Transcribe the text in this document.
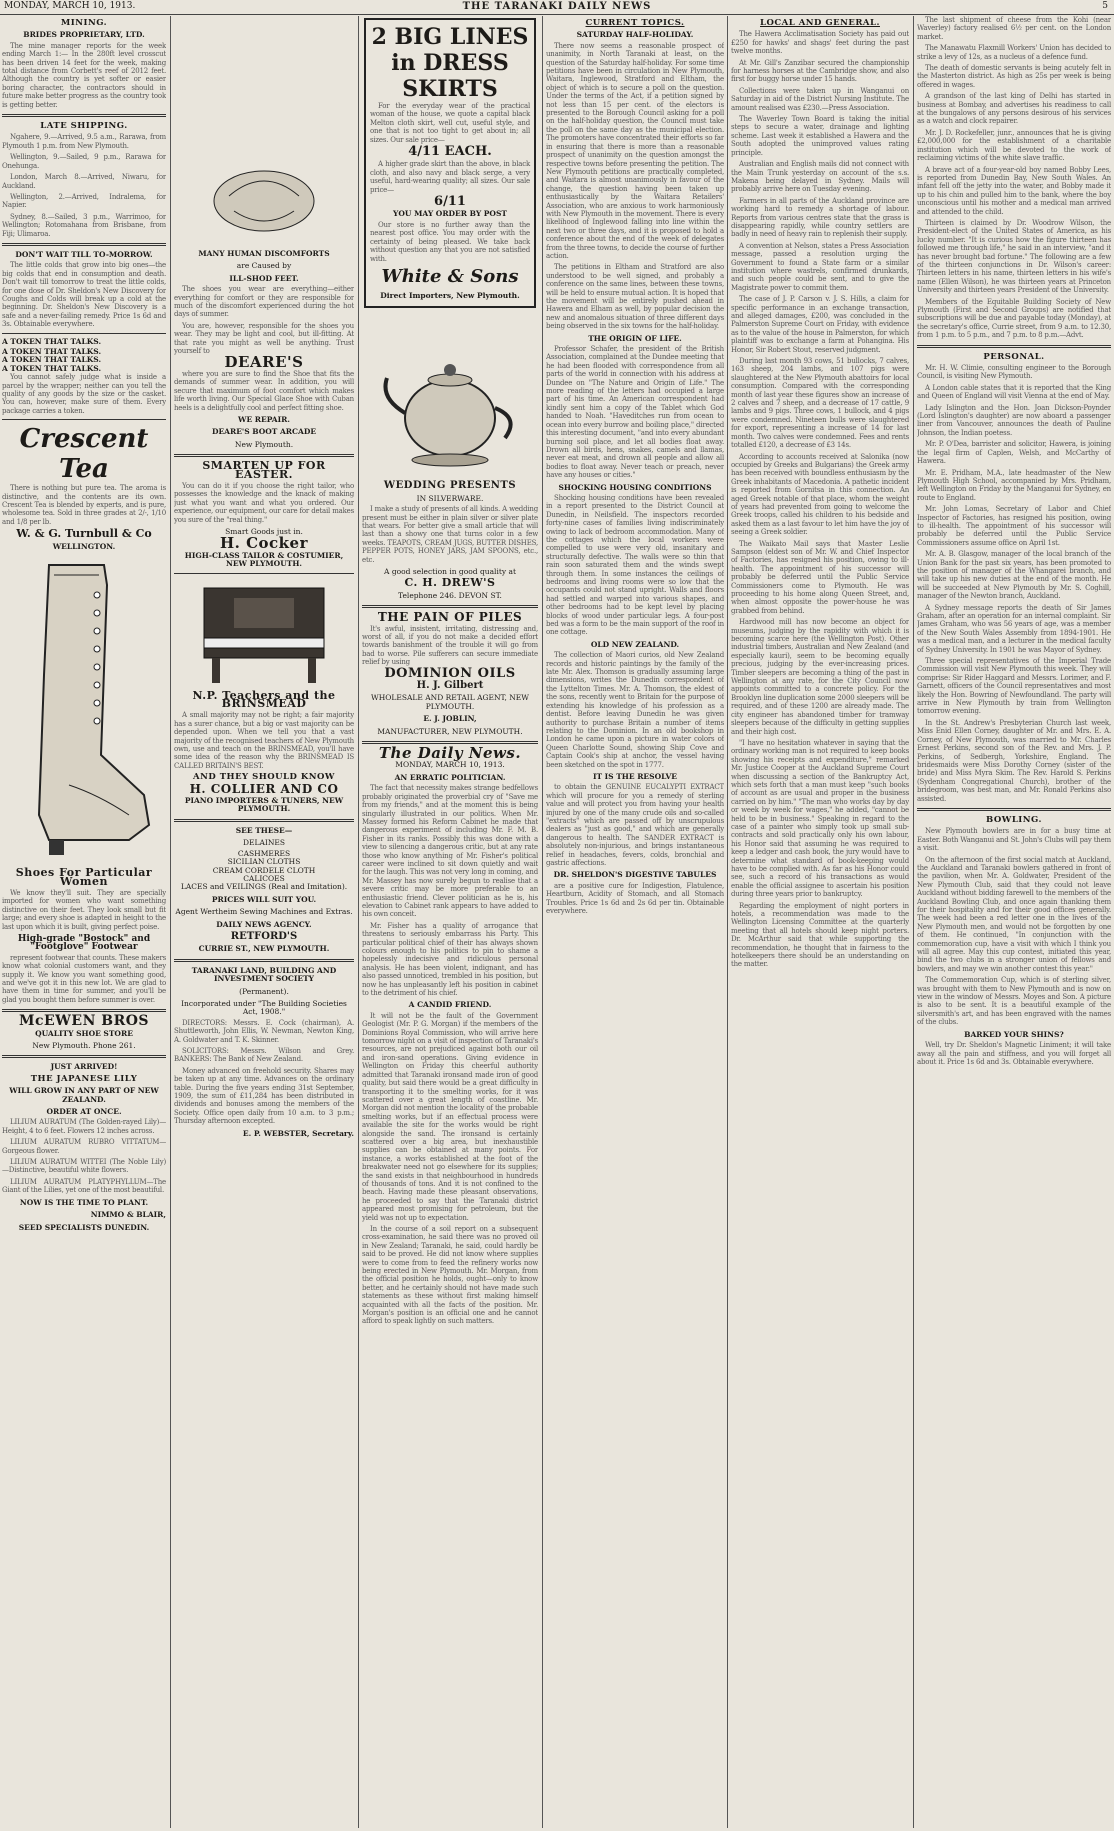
MONDAY, MARCH 10, 1913.	THE TARANAKI DAILY NEWS	5
MINING.
BRIDES PROPRIETARY, LTD.

The mine manager reports for the week ending March 1:— In the 280ft level crosscut has been driven 14 feet for the week, making total distance from Corbett's reef of 2012 feet. Although the country is yet softer or easier boring character, the contractors should in future make better progress as the country took is getting better.

LATE SHIPPING.

Ngahere, 9.—Arrived, 9.5 a.m., Rarawa, from Plymouth 1 p.m. from New Plymouth.

Wellington, 9.—Sailed, 9 p.m., Rarawa for Onehunga.

London, March 8.—Arrived, Niwaru, for Auckland.

Wellington, 2.—Arrived, Indralema, for Napier.

Sydney, 8.—Sailed, 3 p.m., Warrimoo, for Wellington; Rotomahana from Brisbane, from Fiji; Ulimaroa.

DON'T WAIT TILL TO-MORROW.

The little colds that grow into big ones—the big colds that end in consumption and death. Don't wait till tomorrow to treat the little colds, for one dose of Dr. Sheldon's New Discovery for Coughs and Colds will break up a cold at the beginning. Dr. Sheldon's New Discovery is a safe and a never-failing remedy. Price 1s 6d and 3s. Obtainable everywhere.

A TOKEN THAT TALKS.
A TOKEN THAT TALKS.
A TOKEN THAT TALKS.
A TOKEN THAT TALKS.

You cannot safely judge what is inside a parcel by the wrapper; neither can you tell the quality of any goods by the size or the casket. You can, however, make sure of them. Every package carries a token.

Crescent Tea

There is nothing but pure tea. The aroma is distinctive, and the contents are its own. Crescent Tea is blended by experts, and is pure, wholesome tea. Sold in three grades at 2/-, 1/10 and 1/8 per lb.

W. & G. Turnbull & Co
WELLINGTON.
Shoes For Particular Women

We know they'll suit. They are specially imported for women who want something distinctive on their feet. They look small but fit large; and every shoe is adapted in height to the last upon which it is built, giving perfect poise.

High-grade "Bostock" and "Footglove" Footwear

represent footwear that counts. These makers know what colonial customers want, and they supply it. We know you want something good, and we've got it in this new lot. We are glad to have them in time for summer, and you'll be glad you bought them before summer is over.

McEWEN BROS
QUALITY SHOE STORE
New Plymouth. Phone 261.
JUST ARRIVED!
THE JAPANESE LILY
WILL GROW IN ANY PART OF NEW ZEALAND.
ORDER AT ONCE.

LILIUM AURATUM (The Golden-rayed Lily)—Height, 4 to 6 feet. Flowers 12 inches across.

LILIUM AURATUM RUBRO VITTATUM—Gorgeous flower.

LILIUM AURATUM WITTEI (The Noble Lily)—Distinctive, beautiful white flowers.

LILIUM AURATUM PLATYPHYLLUM—The Giant of the Lilies, yet one of the most beautiful.

NOW IS THE TIME TO PLANT.
NIMMO & BLAIR,
SEED SPECIALISTS DUNEDIN.
MANY HUMAN DISCOMFORTS
are Caused by
ILL-SHOD FEET.

The shoes you wear are everything—either everything for comfort or they are responsible for much of the discomfort experienced during the hot days of summer.

You are, however, responsible for the shoes you wear. They may be light and cool, but ill-fitting. At that rate you might as well be anything. Trust yourself to

DEARE'S

where you are sure to find the Shoe that fits the demands of summer wear. In addition, you will secure that maximum of foot comfort which makes life worth living. Our Special Glace Shoe with Cuban heels is a delightfully cool and perfect fitting shoe.

WE REPAIR.
DEARE'S BOOT ARCADE
New Plymouth.
SMARTEN UP FOR EASTER.

You can do it if you choose the right tailor, who possesses the knowledge and the knack of making just what you want and what you ordered. Our experience, our equipment, our care for detail makes you sure of the "real thing."

Smart Goods just in.
H. Cocker
HIGH-CLASS TAILOR & COSTUMIER, NEW PLYMOUTH.
N.P. Teachers and the BRINSMEAD

A small majority may not be right; a fair majority has a surer chance, but a big or vast majority can be depended upon. When we tell you that a vast majority of the recognised teachers of New Plymouth own, use and teach on the BRINSMEAD, you'll have some idea of the reason why the BRINSMEAD IS CALLED BRITAIN'S BEST.

AND THEY SHOULD KNOW
H. COLLIER AND CO
PIANO IMPORTERS & TUNERS, NEW PLYMOUTH.
SEE THESE—
DELAINES
CASHMERES
SICILIAN CLOTHS
CREAM CORDELE CLOTH
CALICOES
LACES and VEILINGS (Real and Imitation).
PRICES WILL SUIT YOU.
Agent Wertheim Sewing Machines and Extras.
DAILY NEWS AGENCY.
RETFORD'S
CURRIE ST., NEW PLYMOUTH.
TARANAKI LAND, BUILDING AND INVESTMENT SOCIETY
(Permanent).
Incorporated under "The Building Societies Act, 1908."

DIRECTORS: Messrs. E. Cock (chairman), A. Shuttleworth, John Ellis, W. Newman, Newton King, A. Goldwater and T. K. Skinner.

SOLICITORS: Messrs. Wilson and Grey. BANKERS: The Bank of New Zealand.

Money advanced on freehold security. Shares may be taken up at any time. Advances on the ordinary table. During the five years ending 31st September, 1909, the sum of £11,284 has been distributed in dividends and bonuses among the members of the Society. Office open daily from 10 a.m. to 3 p.m.; Thursday afternoon excepted.

E. P. WEBSTER, Secretary.
2 BIG LINES in DRESS SKIRTS

For the everyday wear of the practical woman of the house, we quote a capital black Melton cloth skirt, well cut, useful style, and one that is not too tight to get about in; all sizes. Our sale price—

4/11 EACH.

A higher grade skirt than the above, in black cloth, and also navy and black serge, a very useful, hard-wearing quality; all sizes. Our sale price—

6/11
YOU MAY ORDER BY POST

Our store is no further away than the nearest post office. You may order with the certainty of being pleased. We take back without question any that you are not satisfied with.

White & Sons
Direct Importers, New Plymouth.
WEDDING PRESENTS
IN SILVERWARE.

I make a study of presents of all kinds. A wedding present must be either in plain silver or silver plate that wears. For better give a small article that will last than a showy one that turns color in a few weeks. TEAPOTS, CREAM JUGS, BUTTER DISHES, PEPPER POTS, HONEY JARS, JAM SPOONS, etc., etc.

A good selection in good quality at
C. H. DREW'S
Telephone 246. DEVON ST.
THE PAIN OF PILES

It's awful, insistent, irritating, distressing and, worst of all, if you do not make a decided effort towards banishment of the trouble it will go from bad to worse. Pile sufferers can secure immediate relief by using

DOMINION OILS
H. J. Gilbert
WHOLESALE AND RETAIL AGENT, NEW PLYMOUTH.
E. J. JOBLIN,
MANUFACTURER, NEW PLYMOUTH.
The Daily News.
MONDAY, MARCH 10, 1913.
AN ERRATIC POLITICIAN.

The fact that necessity makes strange bedfellows probably originated the proverbial cry of "Save me from my friends," and at the moment this is being singularly illustrated in our politics. When Mr. Massey formed his Reform Cabinet he made that dangerous experiment of including Mr. F. M. B. Fisher in its ranks. Possibly this was done with a view to silencing a dangerous critic, but at any rate those who know anything of Mr. Fisher's political career were inclined to sit down quietly and wait for the laugh. This was not very long in coming, and Mr. Massey has now surely begun to realise that a severe critic may be more preferable to an enthusiastic friend. Clever politician as he is, his elevation to Cabinet rank appears to have added to his own conceit.

Mr. Fisher has a quality of arrogance that threatens to seriously embarrass his Party. This particular political chief of their has always shown colours enough to his politics to pin to shame a hopelessly indecisive and ridiculous personal analysis. He has been violent, indignant, and has also passed unnoticed, trembled in his position, but now he has unpleasantly left his position in cabinet to the detriment of his chief.

A CANDID FRIEND.

It will not be the fault of the Government Geologist (Mr. P. G. Morgan) if the members of the Dominions Royal Commission, who will arrive here tomorrow night on a visit of inspection of Taranaki's resources, are not prejudiced against both our oil and iron-sand operations. Giving evidence in Wellington on Friday this cheerful authority admitted that Taranaki ironsand made iron of good quality, but said there would be a great difficulty in transporting it to the smelting works, for it was scattered over a great length of coastline. Mr. Morgan did not mention the locality of the probable smelting works, but if an effectual process were available the site for the works would be right alongside the sand. The ironsand is certainly scattered over a big area, but inexhaustible supplies can be obtained at many points. For instance, a works established at the foot of the breakwater need not go elsewhere for its supplies; the sand exists in that neighbourhood in hundreds of thousands of tons. And it is not confined to the beach. Having made these pleasant observations, he proceeded to say that the Taranaki district appeared most promising for petroleum, but the yield was not up to expectation.

In the course of a soil report on a subsequent cross-examination, he said there was no proved oil in New Zealand; Taranaki, he said, could hardly be said to be proved. He did not know where supplies were to come from to feed the refinery works now being erected in New Plymouth. Mr. Morgan, from the official position he holds, ought—only to know better, and he certainly should not have made such statements as these without first making himself acquainted with all the facts of the position. Mr. Morgan's position is an official one and he cannot afford to speak lightly on such matters.

CURRENT TOPICS.
SATURDAY HALF-HOLIDAY.

There now seems a reasonable prospect of unanimity, in North Taranaki at least, on the question of the Saturday half-holiday. For some time petitions have been in circulation in New Plymouth, Waitara, Inglewood, Stratford and Eltham, the object of which is to secure a poll on the question. Under the terms of the Act, if a petition signed by not less than 15 per cent. of the electors is presented to the Borough Council asking for a poll on the half-holiday question, the Council must take the poll on the same day as the municipal election. The promoters have concentrated their efforts so far in ensuring that there is more than a reasonable prospect of unanimity on the question amongst the respective towns before presenting the petition. The New Plymouth petitions are practically completed, and Waitara is almost unanimously in favour of the change, the question having been taken up enthusiastically by the Waitara Retailers' Association, who are anxious to work harmoniously with New Plymouth in the movement. There is every likelihood of Inglewood falling into line within the next two or three days, and it is proposed to hold a conference about the end of the week of delegates from the three towns, to decide the course of further action.

The petitions in Eltham and Stratford are also understood to be well signed, and probably a conference on the same lines, between these towns, will be held to ensure mutual action. It is hoped that the movement will be entirely pushed ahead in Hawera and Elham as well, by popular decision the new and anomalous situation of three different days being observed in the six towns for the half-holiday.

THE ORIGIN OF LIFE.

Professor Schafer, the president of the British Association, complained at the Dundee meeting that he had been flooded with correspondence from all parts of the world in connection with his address at Dundee on "The Nature and Origin of Life." The more reading of the letters had occupied a large part of his time. An American correspondent had kindly sent him a copy of the Tablet which God handed to Noah. "Haveditches run from ocean to ocean into every burrow and boiling place," directed this interesting document, "and into every abundant burning soil place, and let all bodies float away. Drown all birds, hens, snakes, camels and llamas, never eat meat, and drown all people and allow all bodies to float away. Never teach or preach, never have any houses or cities."

SHOCKING HOUSING CONDITIONS

Shocking housing conditions have been revealed in a report presented to the District Council at Dunedin, in Neilsfield. The inspectors recorded forty-nine cases of families living indiscriminately owing to lack of bedroom accommodation. Many of the cottages which the local workers were compelled to use were very old, insanitary and structurally defective. The walls were so thin that rain soon saturated them and the winds swept through them. In some instances the ceilings of bedrooms and living rooms were so low that the occupants could not stand upright. Walls and floors had settled and warped into various shapes, and other bedrooms had to be kept level by placing blocks of wood under particular legs. A four-post bed was a form to be the main support of the roof in one cottage.

OLD NEW ZEALAND.

The collection of Maori curios, old New Zealand records and historic paintings by the family of the late Mr. Alex. Thomson is gradually assuming large dimensions, writes the Dunedin correspondent of the Lyttelton Times. Mr. A. Thomson, the eldest of the sons, recently went to Britain for the purpose of extending his knowledge of his profession as a dentist. Before leaving Dunedin he was given authority to purchase Britain a number of items relating to the Dominion. In an old bookshop in London he came upon a picture in water colors of Queen Charlotte Sound, showing Ship Cove and Captain Cook's ship at anchor, the vessel having been sketched on the spot in 1777.

IT IS THE RESOLVE

to obtain the GENUINE EUCALYPTI EXTRACT which will procure for you a remedy of sterling value and will protect you from having your health injured by one of the many crude oils and so-called "extracts" which are passed off by unscrupulous dealers as "just as good," and which are generally dangerous to health. The SANDER EXTRACT is absolutely non-injurious, and brings instantaneous relief in headaches, fevers, colds, bronchial and gastric affections.

DR. SHELDON'S DIGESTIVE TABULES

are a positive cure for Indigestion, Flatulence, Heartburn, Acidity of Stomach, and all Stomach Troubles. Price 1s 6d and 2s 6d per tin. Obtainable everywhere.

LOCAL AND GENERAL.

The Hawera Acclimatisation Society has paid out £250 for hawks' and shags' feet during the past twelve months.

At Mr. Gill's Zanzibar secured the championship for harness horses at the Cambridge show, and also first for buggy horse under 15 hands.

Collections were taken up in Wanganui on Saturday in aid of the District Nursing Institute. The amount realised was £230.—Press Association.

The Waverley Town Board is taking the initial steps to secure a water, drainage and lighting scheme. Last week it established a Hawera and the South adopted the unimproved values rating principle.

Australian and English mails did not connect with the Main Trunk yesterday on account of the s.s. Makena being delayed in Sydney. Mails will probably arrive here on Tuesday evening.

Farmers in all parts of the Auckland province are working hard to remedy a shortage of labour. Reports from various centres state that the grass is disappearing rapidly, while country settlers are badly in need of heavy rain to replenish their supply.

A convention at Nelson, states a Press Association message, passed a resolution urging the Government to found a State farm or a similar institution where wastrels, confirmed drunkards, and such people could be sent, and to give the Magistrate power to commit them.

The case of J. P. Carson v. J. S. Hills, a claim for specific performance in an exchange transaction, and alleged damages, £200, was concluded in the Palmerston Supreme Court on Friday, with evidence as to the value of the house in Palmerston, for which plaintiff was to exchange a farm at Pohangina. His Honor, Sir Robert Stout, reserved judgment.

During last month 93 cows, 51 bullocks, 7 calves, 163 sheep, 204 lambs, and 107 pigs were slaughtered at the New Plymouth abattoirs for local consumption. Compared with the corresponding month of last year these figures show an increase of 2 calves and 7 sheep, and a decrease of 17 cattle, 9 lambs and 9 pigs. Three cows, 1 bullock, and 4 pigs were condemned. Nineteen bulls were slaughtered for export, representing a increase of 14 for last month. Two calves were condemned. Fees and rents totalled £120, a decrease of £3 14s.

According to accounts received at Salonika (now occupied by Greeks and Bulgarians) the Greek army has been received with boundless enthusiasm by the Greek inhabitants of Macedonia. A pathetic incident is reported from Gornitsa in this connection. An aged Greek notable of that place, whom the weight of years had prevented from going to welcome the Greek troops, called his children to his bedside and asked them as a last favour to let him have the joy of seeing a Greek soldier.

The Waikato Mail says that Master Leslie Sampson (eldest son of Mr. W. and Chief Inspector of Factories, has resigned his position, owing to ill-health. The appointment of his successor will probably be deferred until the Public Service Commissioners come to Plymouth. He was proceeding to his home along Queen Street, and, when almost opposite the power-house he was grabbed from behind.

Hardwood mill has now become an object for museums, judging by the rapidity with which it is becoming scarce here (the Wellington Post). Other industrial timbers, Australian and New Zealand (and especially kauri), seem to be becoming equally precious, judging by the ever-increasing prices. Timber sleepers are becoming a thing of the past in Wellington at any rate, for the City Council now appoints committed to a concrete policy. For the Brooklyn line duplication some 2000 sleepers will be required, and of these 1200 are already made. The city engineer has abandoned timber for tramway sleepers because of the difficulty in getting supplies and their high cost.

"I have no hesitation whatever in saying that the ordinary working man is not required to keep books showing his receipts and expenditure," remarked Mr. Justice Cooper at the Auckland Supreme Court when discussing a section of the Bankruptcy Act, which sets forth that a man must keep "such books of account as are usual and proper in the business carried on by him." "The man who works day by day or week by week for wages," he added, "cannot be held to be in business." Speaking in regard to the case of a painter who simply took up small sub-contracts and sold practically only his own labour, his Honor said that assuming he was required to keep a ledger and cash book, the jury would have to determine what standard of book-keeping would have to be complied with. As far as his Honor could see, such a record of his transactions as would enable the official assignee to ascertain his position during three years prior to bankruptcy.

Regarding the employment of night porters in hotels, a recommendation was made to the Wellington Licensing Committee at the quarterly meeting that all hotels should keep night porters. Dr. McArthur said that while supporting the recommendation, he thought that in fairness to the hotelkeepers there should be an understanding on the matter.

The last shipment of cheese from the Kohi (near Waverley) factory realised 6½ per cent. on the London market.

The Manawatu Flaxmill Workers' Union has decided to strike a levy of 12s, as a nucleus of a defence fund.

The death of domestic servants is being acutely felt in the Masterton district. As high as 25s per week is being offered in wages.

A grandson of the last king of Delhi has started in business at Bombay, and advertises his readiness to call at the bungalows of any persons desirous of his services as a watch and clock repairer.

Mr. J. D. Rockefeller, junr., announces that he is giving £2,000,000 for the establishment of a charitable institution which will be devoted to the work of reclaiming victims of the white slave traffic.

A brave act of a four-year-old boy named Bobby Lees, is reported from Dunedin Bay, New South Wales. An infant fell off the jetty into the water, and Bobby made it up to his chin and pulled him to the bank, where the boy unconscious until his mother and a medical man arrived and attended to the child.

Thirteen is claimed by Dr. Woodrow Wilson, the President-elect of the United States of America, as his lucky number. "It is curious how the figure thirteen has followed me through life," he said in an interview, "and it has never brought bad fortune." The following are a few of the thirteen conjunctions in Dr. Wilson's career: Thirteen letters in his name, thirteen letters in his wife's name (Ellen Wilson), he was thirteen years at Princeton University and thirteen years President of the University.

Members of the Equitable Building Society of New Plymouth (First and Second Groups) are notified that subscriptions will be due and payable today (Monday), at the secretary's office, Currie street, from 9 a.m. to 12.30, from 1 p.m. to 5 p.m., and 7 p.m. to 8 p.m.—Advt.

PERSONAL.

Mr. H. W. Climie, consulting engineer to the Borough Council, is visiting New Plymouth.

A London cable states that it is reported that the King and Queen of England will visit Vienna at the end of May.

Lady Islington and the Hon. Joan Dickson-Poynder (Lord Islington's daughter) are now aboard a passenger liner from Vancouver, announces the death of Pauline Johnson, the Indian poetess.

Mr. P. O'Dea, barrister and solicitor, Hawera, is joining the legal firm of Caplen, Welsh, and McCarthy of Hawera.

Mr. E. Pridham, M.A., late headmaster of the New Plymouth High School, accompanied by Mrs. Pridham, left Wellington on Friday by the Manganui for Sydney, en route to England.

Mr. John Lomas, Secretary of Labor and Chief Inspector of Factories, has resigned his position, owing to ill-health. The appointment of his successor will probably be deferred until the Public Service Commissioners assume office on April 1st.

Mr. A. B. Glasgow, manager of the local branch of the Union Bank for the past six years, has been promoted to the position of manager of the Whangarei branch, and will take up his new duties at the end of the month. He will be succeeded at New Plymouth by Mr. S. Coghill, manager of the Newton branch, Auckland.

A Sydney message reports the death of Sir James Graham, after an operation for an internal complaint. Sir James Graham, who was 56 years of age, was a member of the New South Wales Assembly from 1894-1901. He was a medical man, and a lecturer in the medical faculty of Sydney University. In 1901 he was Mayor of Sydney.

Three special representatives of the Imperial Trade Commission will visit New Plymouth this week. They will comprise: Sir Rider Haggard and Messrs. Lorimer, and F. Garnett, officers of the Council representatives and most likely the Hon. Bowring of Newfoundland. The party will arrive in New Plymouth by train from Wellington tomorrow evening.

In the St. Andrew's Presbyterian Church last week, Miss Enid Ellen Corney, daughter of Mr. and Mrs. E. A. Corney, of New Plymouth, was married to Mr. Charles Ernest Perkins, second son of the Rev. and Mrs. J. P. Perkins, of Sedbergh, Yorkshire, England. The bridesmaids were Miss Dorothy Corney (sister of the bride) and Miss Myra Skim. The Rev. Harold S. Perkins (Sydenham Congregational Church), brother of the bridegroom, was best man, and Mr. Ronald Perkins also assisted.

BOWLING.

New Plymouth bowlers are in for a busy time at Easter. Both Wanganui and St. John's Clubs will pay them a visit.

On the afternoon of the first social match at Auckland, the Auckland and Taranaki bowlers gathered in front of the pavilion, when Mr. A. Goldwater, President of the New Plymouth Club, said that they could not leave Auckland without bidding farewell to the members of the Auckland Bowling Club, and once again thanking them for their hospitality and for their good offices generally. The week had been a red letter one in the lives of the New Plymouth men, and would not be forgotten by one of them. He continued, "In conjunction with the commemoration cup, have a visit with which I think you will all agree. May this cup contest, initiated this year, bind the two clubs in a stronger union of fellows and bowlers, and may we win another contest this year."

The Commemoration Cup, which is of sterling silver, was brought with them to New Plymouth and is now on view in the window of Messrs. Moyes and Son. A picture is also to be sent. It is a beautiful example of the silversmith's art, and has been engraved with the names of the clubs.

BARKED YOUR SHINS?

Well, try Dr. Sheldon's Magnetic Liniment; it will take away all the pain and stiffness, and you will forget all about it. Price 1s 6d and 3s. Obtainable everywhere.
